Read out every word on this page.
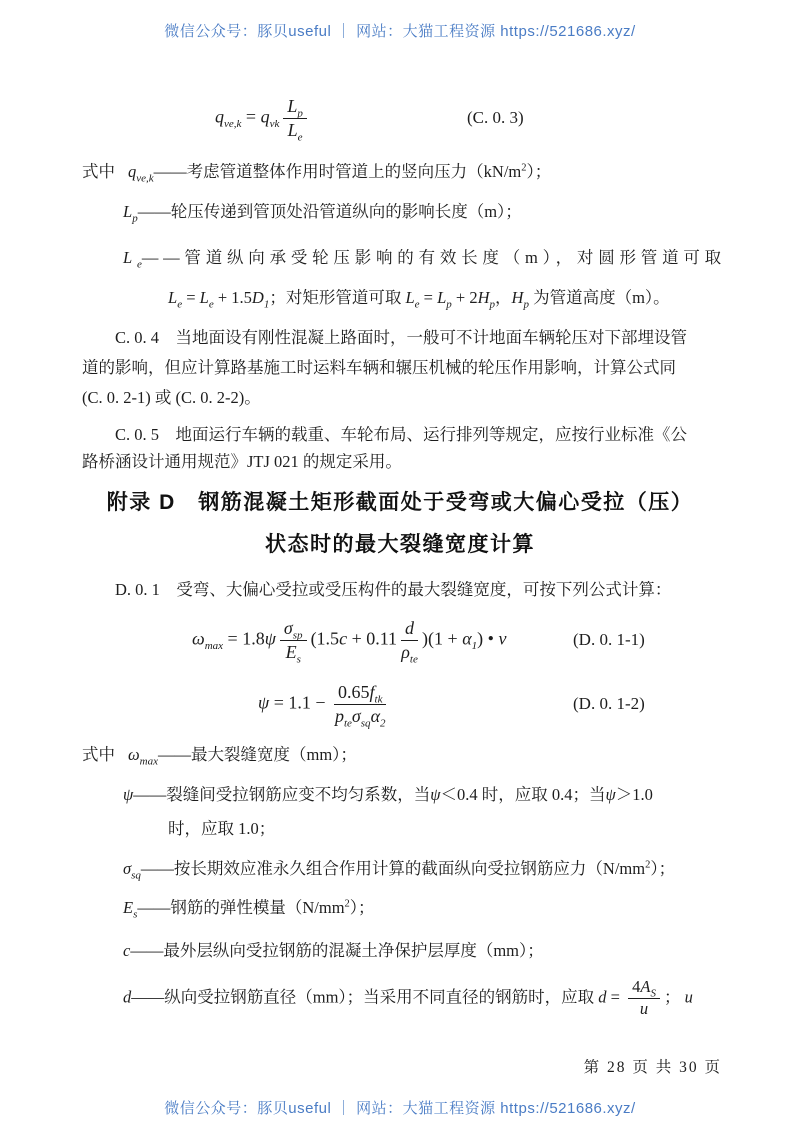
微信公众号：豚贝useful ｜ 网站：大猫工程资源 https://521686.xyz/
$q_{ve,k} = q_{vk} \frac{L_p}{L_e}$	(C. 0. 3)
式中 $q_{ve,k}——$考虑管道整体作用时管道上的竖向压力$(kN/m^2)$；
$L_p——$轮压传递到管顶处沿管道纵向的影响长度（m）；
$L_e——$管道纵向承受轮压影响的有效长度（m），对圆形管道可取
$L_e = L_e + 1.5D_1$；对矩形管道可取 $L_e = L_p + 2H_p$，$H_p$ 为管道高度（m）。
C. 0. 4　当地面设有刚性混凝上路面时，一般可不计地面车辆轮压对下部埋设管
道的影响，但应计算路基施工时运料车辆和辗压机械的轮压作用影响，计算公式同
(C. 0. 2-1) 或 (C. 0. 2-2)。
C. 0. 5　地面运行车辆的载重、车轮布局、运行排列等规定，应按行业标准《公
路桥涵设计通用规范》JTJ 021 的规定采用。
附录 D　钢筋混凝土矩形截面处于受弯或大偏心受拉（压）
状态时的最大裂缝宽度计算
D. 0. 1　受弯、大偏心受拉或受压构件的最大裂缝宽度，可按下列公式计算：
$\omega_{max} = 1.8\psi \frac{\sigma_{sp}}{E_s} (1.5c + 0.11 \frac{d}{\rho_{te}} )(1 + \alpha_1)$ • v	(D. 0. 1-1)
$\psi = 1.1 - \frac{0.65f_{tk}}{p_{te}\sigma_{sq}\alpha_2}$	(D. 0. 1-2)
式中 $\omega_{max}——$最大裂缝宽度（mm）；
ψ——裂缝间受拉钢筋应变不均匀系数，当ψ＜0.4 时，应取 0.4；当ψ＞1.0
时，应取 1.0；
$\sigma_{sq}——$按长期效应准永久组合作用计算的截面纵向受拉钢筋应力$(N/mm^2)$；
$E_s——$钢筋的弹性模量$(N/mm^2)$；
c——最外层纵向受拉钢筋的混凝土净保护层厚度（mm）；
d——纵向受拉钢筋直径（mm）；当采用不同直径的钢筋时，应取 $d = \frac{4A_S}{u}$ ； u
第 28 页 共 30 页
微信公众号：豚贝useful ｜ 网站：大猫工程资源 https://521686.xyz/
